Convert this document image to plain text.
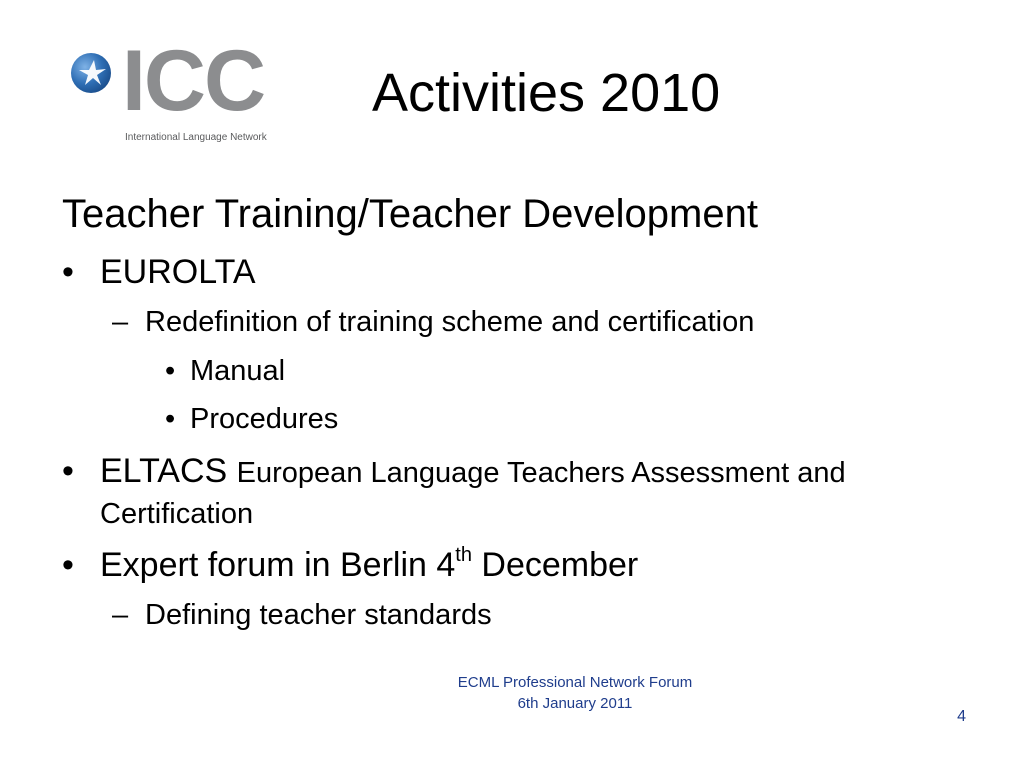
ICC
International Language Network
Activities 2010
Teacher Training/Teacher Development
• EUROLTA
– Redefinition of training scheme and certification
• Manual
• Procedures
• ELTACS European Language Teachers Assessment and Certification
• Expert forum in Berlin 4th December
– Defining teacher standards
ECML Professional Network Forum
6th January 2011
4
